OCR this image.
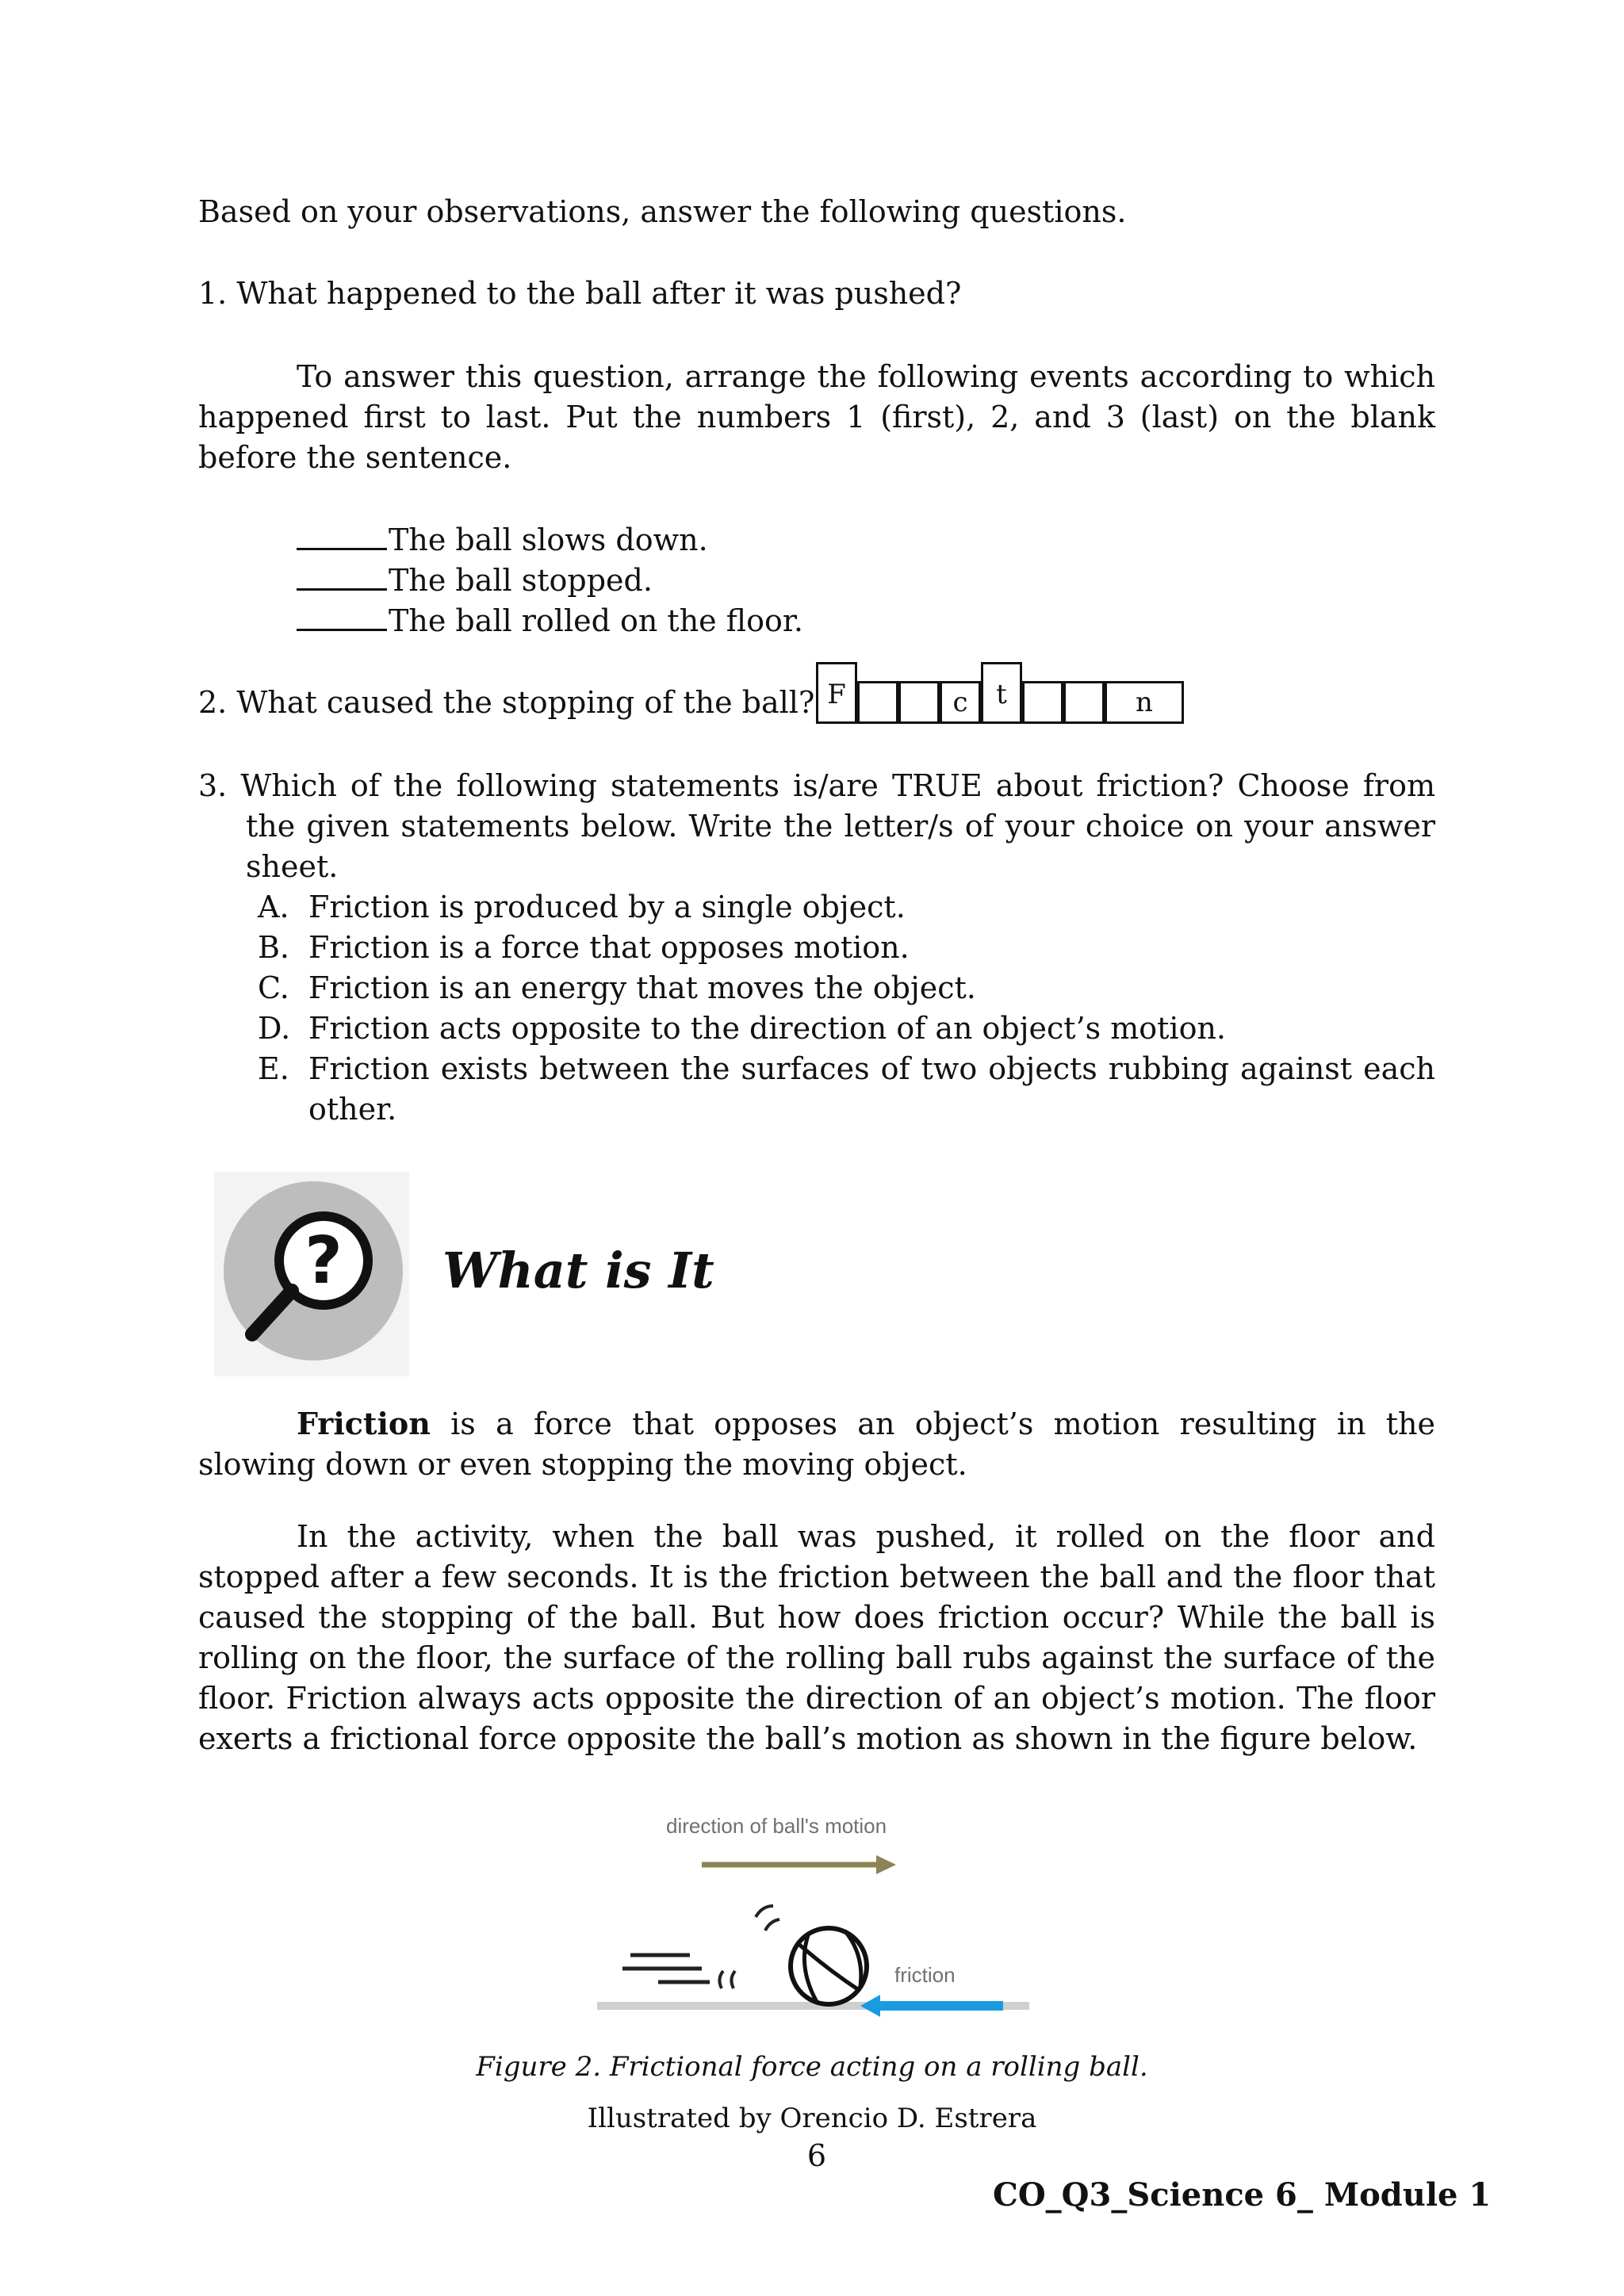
Based on your observations, answer the following questions.

1. What happened to the ball after it was pushed?

To answer this question, arrange the following events according to which happened first to last. Put the numbers 1 (first), 2, and 3 (last) on the blank before the sentence.
The ball slows down.
The ball stopped.
The ball rolled on the floor.

2. What caused the stopping of the ball? F	c	t	n
3. Which of the following statements is/are TRUE about friction? Choose from the given statements below. Write the letter/s of your choice on your answer sheet.
A. Friction is produced by a single object.
B. Friction is a force that opposes motion.
C. Friction is an energy that moves the object.
D. Friction acts opposite to the direction of an object’s motion.
E. Friction exists between the surfaces of two objects rubbing against each other.
? What is It
Friction is a force that opposes an object’s motion resulting in the slowing down or even stopping the moving object.
In the activity, when the ball was pushed, it rolled on the floor and stopped after a few seconds. It is the friction between the ball and the floor that caused the stopping of the ball. But how does friction occur? While the ball is rolling on the floor, the surface of the rolling ball rubs against the surface of the floor. Friction always acts opposite the direction of an object’s motion. The floor exerts a frictional force opposite the ball’s motion as shown in the figure below.
direction of ball's motion
friction
Figure 2. Frictional force acting on a rolling ball.
Illustrated by Orencio D. Estrera
6
CO_Q3_Science 6_ Module 1
